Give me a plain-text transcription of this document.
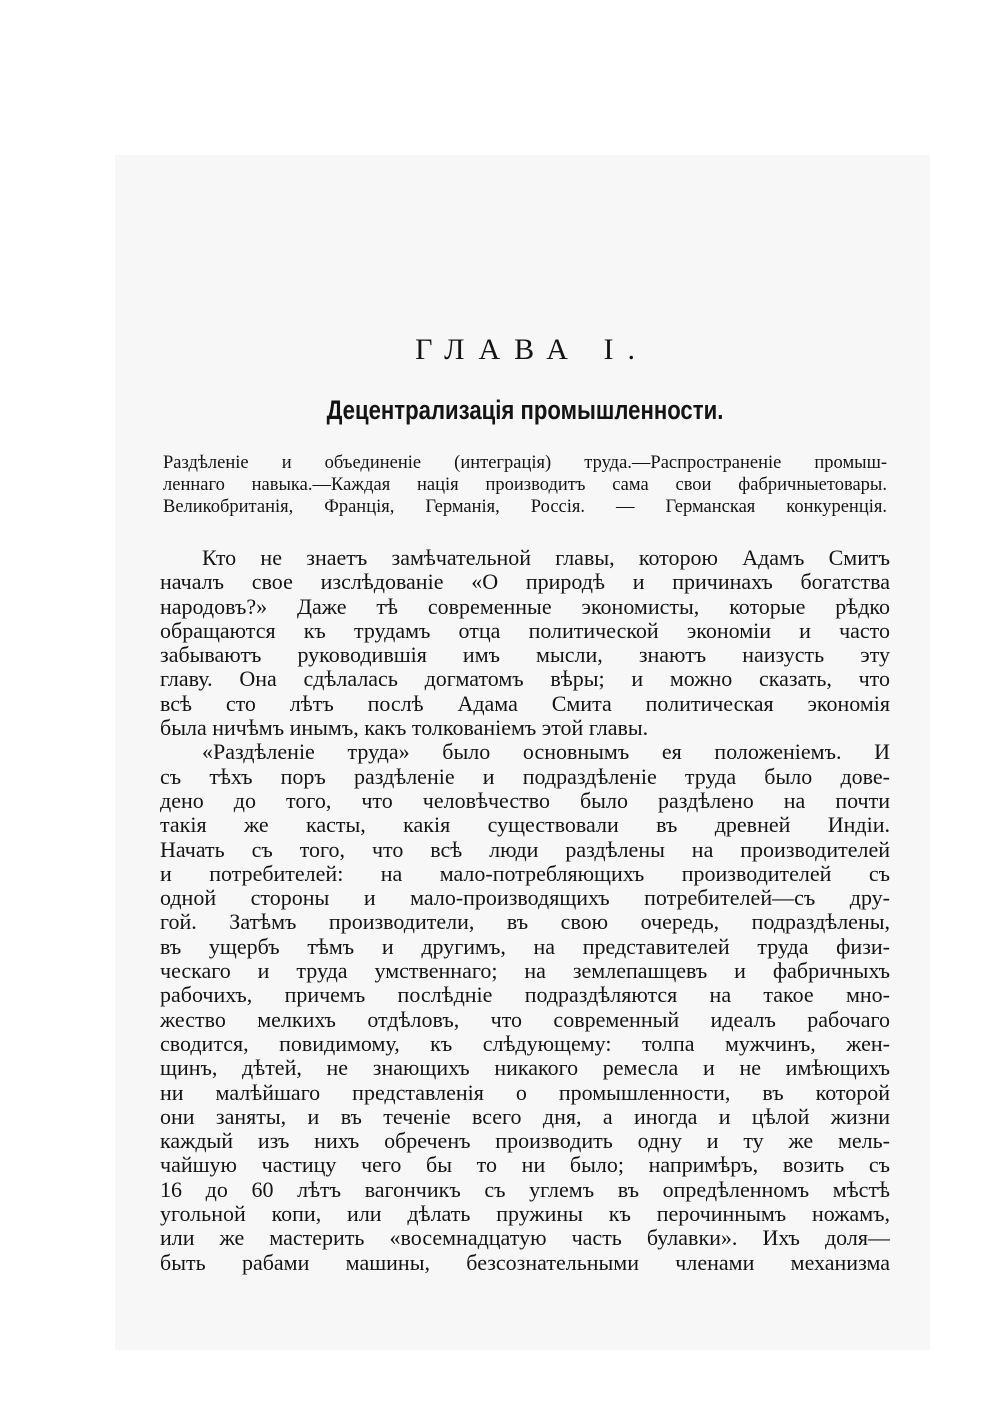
ГЛАВА I.
Децентрализація промышленности.
Раздѣленіе и объединеніе (интеграція) труда.—Распространеніе промыш-
леннаго навыка.—Каждая нація производитъ сама свои фабричныетовары.
Великобританія, Франція, Германія, Россія. — Германская конкуренція.
Кто не знаетъ замѣчательной главы, которою Адамъ Смитъ
началъ свое изслѣдованіе «О природѣ и причинахъ богатства
народовъ?» Даже тѣ современные экономисты, которые рѣдко
обращаются къ трудамъ отца политической экономіи и часто
забываютъ руководившія имъ мысли, знаютъ наизусть эту
главу. Она сдѣлалась догматомъ вѣры; и можно сказать, что
всѣ сто лѣтъ послѣ Адама Смита политическая экономія
была ничѣмъ инымъ, какъ толкованіемъ этой главы.
«Раздѣленіе труда» было основнымъ ея положеніемъ. И
съ тѣхъ поръ раздѣленіе и подраздѣленіе труда было дове-
дено до того, что человѣчество было раздѣлено на почти
такія же касты, какія существовали въ древней Индіи.
Начать съ того, что всѣ люди раздѣлены на производителей
и потребителей: на мало-потребляющихъ производителей съ
одной стороны и мало-производящихъ потребителей—съ дру-
гой. Затѣмъ производители, въ свою очередь, подраздѣлены,
въ ущербъ тѣмъ и другимъ, на представителей труда физи-
ческаго и труда умственнаго; на землепашцевъ и фабричныхъ
рабочихъ, причемъ послѣдніе подраздѣляются на такое мно-
жество мелкихъ отдѣловъ, что современный идеалъ рабочаго
сводится, повидимому, къ слѣдующему: толпа мужчинъ, жен-
щинъ, дѣтей, не знающихъ никакого ремесла и не имѣющихъ
ни малѣйшаго представленія о промышленности, въ которой
они заняты, и въ теченіе всего дня, а иногда и цѣлой жизни
каждый изъ нихъ обреченъ производить одну и ту же мель-
чайшую частицу чего бы то ни было; напримѣръ, возить съ
16 до 60 лѣтъ вагончикъ съ углемъ въ опредѣленномъ мѣстѣ
угольной копи, или дѣлать пружины къ перочиннымъ ножамъ,
или же мастерить «восемнадцатую часть булавки». Ихъ доля—
быть рабами машины, безсознательными членами механизма
